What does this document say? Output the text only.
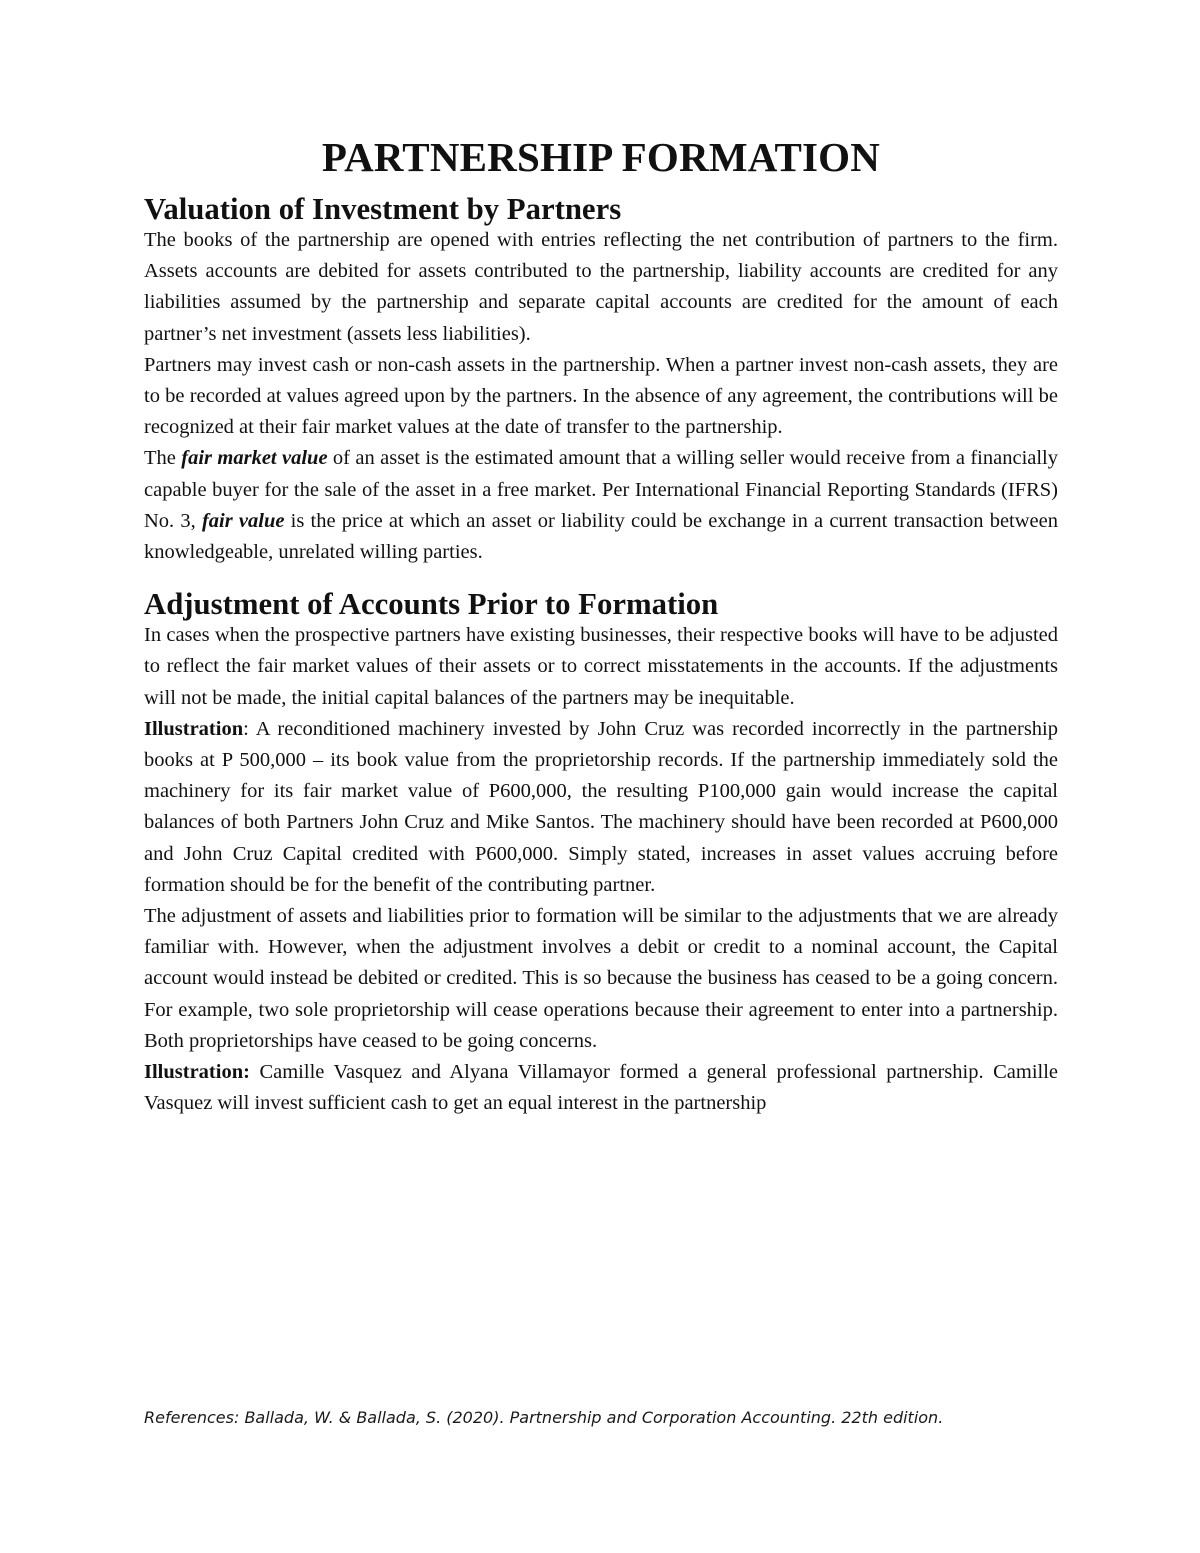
PARTNERSHIP FORMATION
Valuation of Investment by Partners

The books of the partnership are opened with entries reflecting the net contribution of partners to the firm. Assets accounts are debited for assets contributed to the partnership, liability accounts are credited for any liabilities assumed by the partnership and separate capital accounts are credited for the amount of each partner’s net investment (assets less liabilities).

Partners may invest cash or non-cash assets in the partnership. When a partner invest non-cash assets, they are to be recorded at values agreed upon by the partners. In the absence of any agreement, the contributions will be recognized at their fair market values at the date of transfer to the partnership.

The fair market value of an asset is the estimated amount that a willing seller would receive from a financially capable buyer for the sale of the asset in a free market. Per International Financial Reporting Standards (IFRS) No. 3, fair value is the price at which an asset or liability could be exchange in a current transaction between knowledgeable, unrelated willing parties.

Adjustment of Accounts Prior to Formation

In cases when the prospective partners have existing businesses, their respective books will have to be adjusted to reflect the fair market values of their assets or to correct misstatements in the accounts. If the adjustments will not be made, the initial capital balances of the partners may be inequitable.

Illustration: A reconditioned machinery invested by John Cruz was recorded incorrectly in the partnership books at P 500,000 – its book value from the proprietorship records. If the partnership immediately sold the machinery for its fair market value of P600,000, the resulting P100,000 gain would increase the capital balances of both Partners John Cruz and Mike Santos. The machinery should have been recorded at P600,000 and John Cruz Capital credited with P600,000. Simply stated, increases in asset values accruing before formation should be for the benefit of the contributing partner.

The adjustment of assets and liabilities prior to formation will be similar to the adjustments that we are already familiar with. However, when the adjustment involves a debit or credit to a nominal account, the Capital account would instead be debited or credited. This is so because the business has ceased to be a going concern. For example, two sole proprietorship will cease operations because their agreement to enter into a partnership. Both proprietorships have ceased to be going concerns.

Illustration: Camille Vasquez and Alyana Villamayor formed a general professional partnership. Camille Vasquez will invest sufficient cash to get an equal interest in the partnership

References: Ballada, W. & Ballada, S. (2020). Partnership and Corporation Accounting. 22th edition.
